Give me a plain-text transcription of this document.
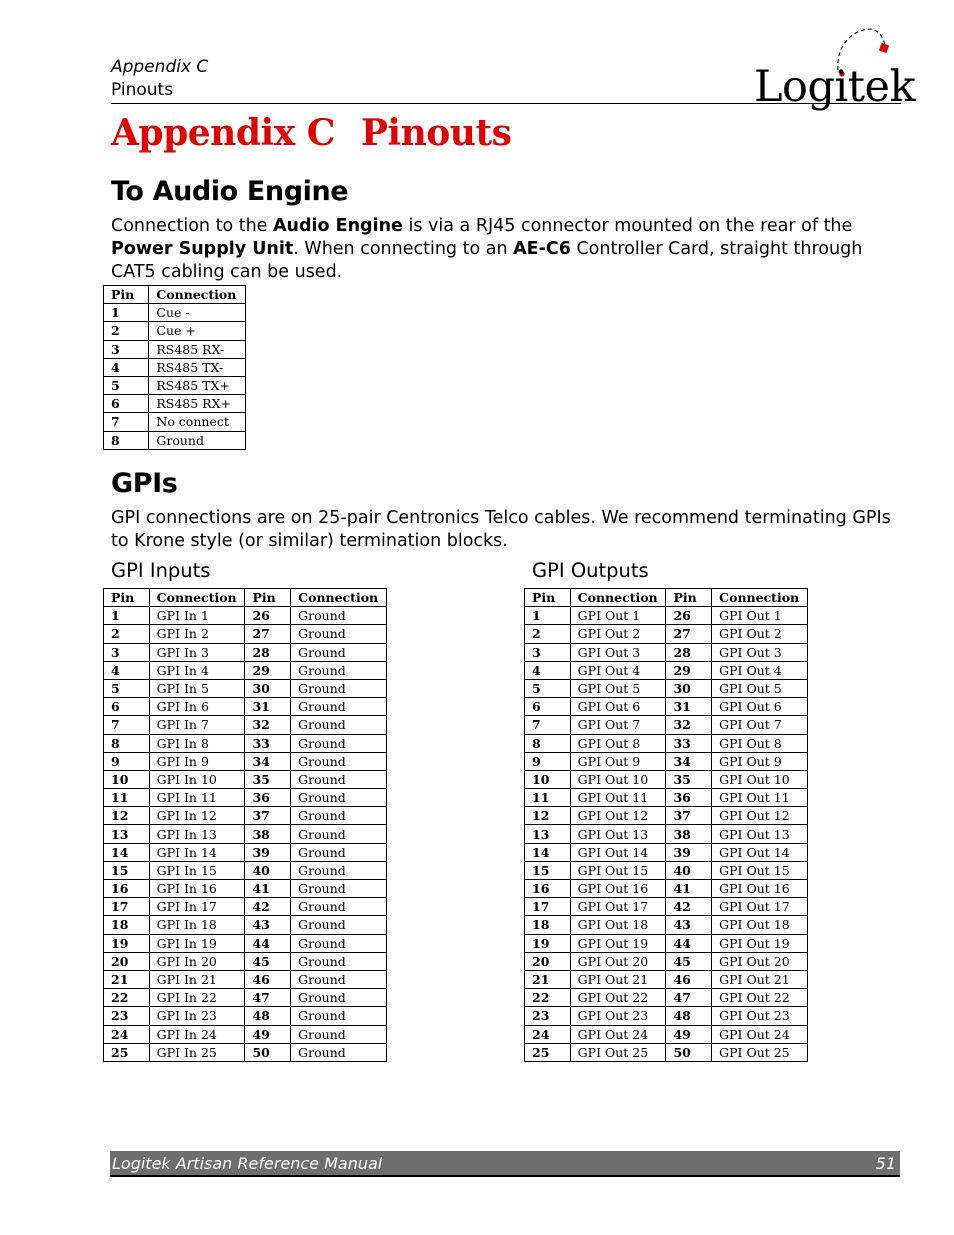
Appendix C
Pinouts	Logitek
Appendix C Pinouts
To Audio Engine
Connection to the Audio Engine is via a RJ45 connector mounted on the rear of the Power Supply Unit. When connecting to an AE-C6 Controller Card, straight through CAT5 cabling can be used.
Pin	Connection
1	Cue -
2	Cue +
3	RS485 RX-
4	RS485 TX-
5	RS485 TX+
6	RS485 RX+
7	No connect
8	Ground
GPIs
GPI connections are on 25-pair Centronics Telco cables. We recommend terminating GPIs to Krone style (or similar) termination blocks.
GPI Inputs	GPI Outputs
Pin	Connection	Pin	Connection
1	GPI In 1	26	Ground
2	GPI In 2	27	Ground
3	GPI In 3	28	Ground
4	GPI In 4	29	Ground
5	GPI In 5	30	Ground
6	GPI In 6	31	Ground
7	GPI In 7	32	Ground
8	GPI In 8	33	Ground
9	GPI In 9	34	Ground
10	GPI In 10	35	Ground
11	GPI In 11	36	Ground
12	GPI In 12	37	Ground
13	GPI In 13	38	Ground
14	GPI In 14	39	Ground
15	GPI In 15	40	Ground
16	GPI In 16	41	Ground
17	GPI In 17	42	Ground
18	GPI In 18	43	Ground
19	GPI In 19	44	Ground
20	GPI In 20	45	Ground
21	GPI In 21	46	Ground
22	GPI In 22	47	Ground
23	GPI In 23	48	Ground
24	GPI In 24	49	Ground
25	GPI In 25	50	Ground
Pin	Connection	Pin	Connection
1	GPI Out 1	26	GPI Out 1
2	GPI Out 2	27	GPI Out 2
3	GPI Out 3	28	GPI Out 3
4	GPI Out 4	29	GPI Out 4
5	GPI Out 5	30	GPI Out 5
6	GPI Out 6	31	GPI Out 6
7	GPI Out 7	32	GPI Out 7
8	GPI Out 8	33	GPI Out 8
9	GPI Out 9	34	GPI Out 9
10	GPI Out 10	35	GPI Out 10
11	GPI Out 11	36	GPI Out 11
12	GPI Out 12	37	GPI Out 12
13	GPI Out 13	38	GPI Out 13
14	GPI Out 14	39	GPI Out 14
15	GPI Out 15	40	GPI Out 15
16	GPI Out 16	41	GPI Out 16
17	GPI Out 17	42	GPI Out 17
18	GPI Out 18	43	GPI Out 18
19	GPI Out 19	44	GPI Out 19
20	GPI Out 20	45	GPI Out 20
21	GPI Out 21	46	GPI Out 21
22	GPI Out 22	47	GPI Out 22
23	GPI Out 23	48	GPI Out 23
24	GPI Out 24	49	GPI Out 24
25	GPI Out 25	50	GPI Out 25
Logitek Artisan Reference Manual	51
